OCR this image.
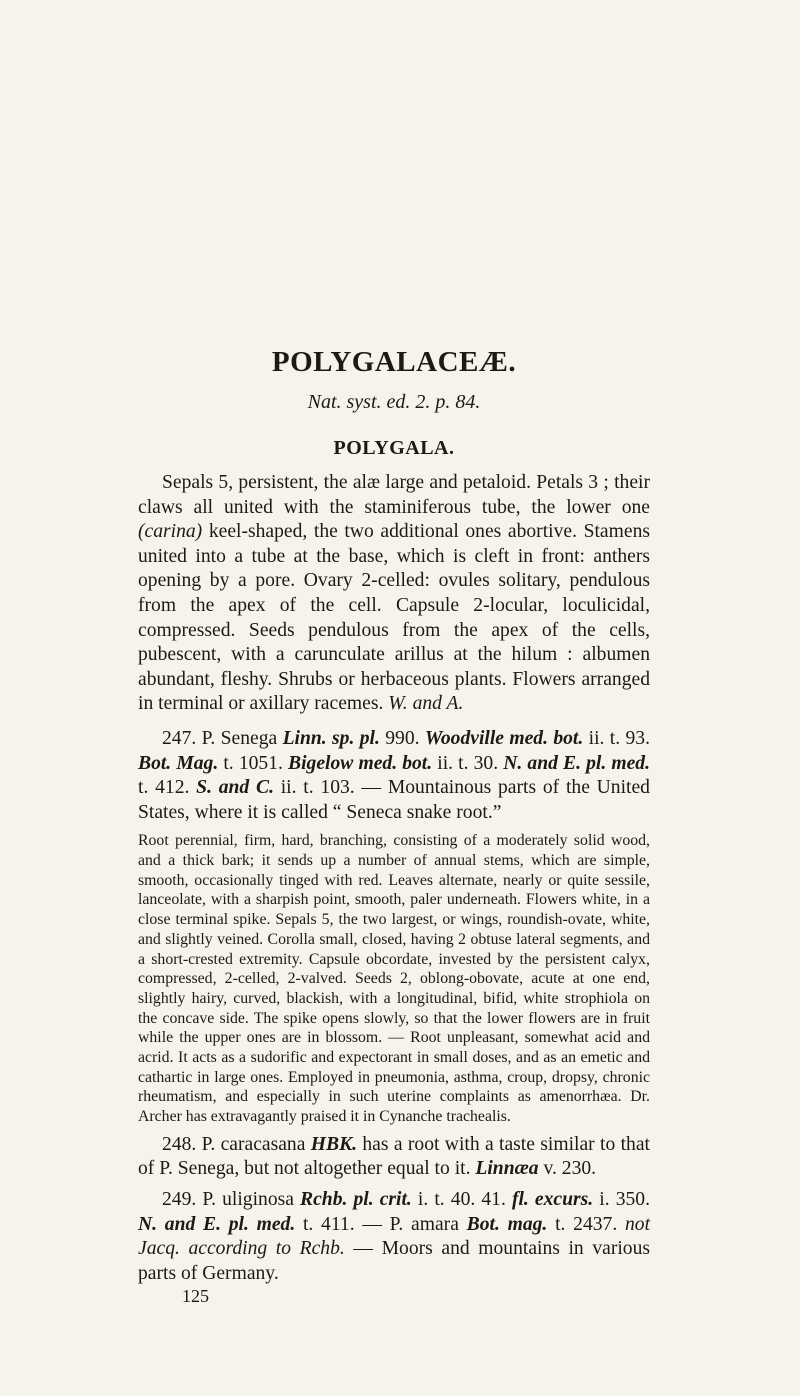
POLYGALACEÆ.
Nat. syst. ed. 2. p. 84.
POLYGALA.

Sepals 5, persistent, the alæ large and petaloid. Petals 3 ; their claws all united with the staminiferous tube, the lower one (carina) keel-shaped, the two additional ones abortive. Stamens united into a tube at the base, which is cleft in front: anthers opening by a pore. Ovary 2-celled: ovules solitary, pendulous from the apex of the cell. Capsule 2-locular, loculicidal, compressed. Seeds pendulous from the apex of the cells, pubescent, with a carunculate arillus at the hilum : albumen abundant, fleshy. Shrubs or herbaceous plants. Flowers arranged in terminal or axillary racemes. W. and A.

247. P. Senega Linn. sp. pl. 990. Woodville med. bot. ii. t. 93. Bot. Mag. t. 1051. Bigelow med. bot. ii. t. 30. N. and E. pl. med. t. 412. S. and C. ii. t. 103. — Mountainous parts of the United States, where it is called “ Seneca snake root.”

Root perennial, firm, hard, branching, consisting of a moderately solid wood, and a thick bark; it sends up a number of annual stems, which are simple, smooth, occasionally tinged with red. Leaves alternate, nearly or quite sessile, lanceolate, with a sharpish point, smooth, paler underneath. Flowers white, in a close terminal spike. Sepals 5, the two largest, or wings, roundish-ovate, white, and slightly veined. Corolla small, closed, having 2 obtuse lateral segments, and a short-crested extremity. Capsule obcordate, invested by the persistent calyx, compressed, 2-celled, 2-valved. Seeds 2, oblong-obovate, acute at one end, slightly hairy, curved, blackish, with a longitudinal, bifid, white strophiola on the concave side. The spike opens slowly, so that the lower flowers are in fruit while the upper ones are in blossom. — Root unpleasant, somewhat acid and acrid. It acts as a sudorific and expectorant in small doses, and as an emetic and cathartic in large ones. Employed in pneumonia, asthma, croup, dropsy, chronic rheumatism, and especially in such uterine complaints as amenorrhæa. Dr. Archer has extravagantly praised it in Cynanche trachealis.

248. P. caracasana HBK. has a root with a taste similar to that of P. Senega, but not altogether equal to it. Linnæa v. 230.

249. P. uliginosa Rchb. pl. crit. i. t. 40. 41. fl. excurs. i. 350. N. and E. pl. med. t. 411. — P. amara Bot. mag. t. 2437. not Jacq. according to Rchb. — Moors and mountains in various parts of Germany.

125
